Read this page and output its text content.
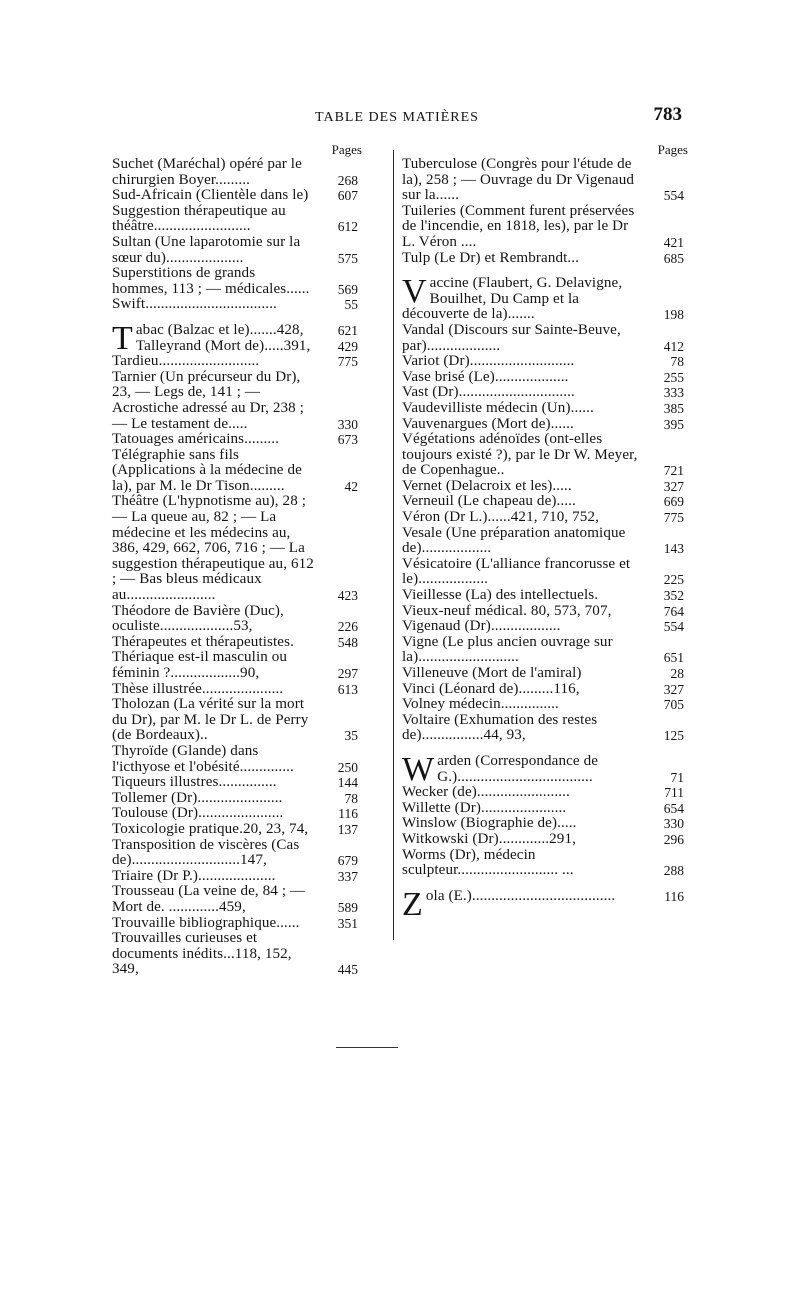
TABLE DES MATIÈRES	783
Pages
Suchet (Maréchal) opéré par le chirurgien Boyer.........	268
Sud-Africain (Clientèle dans le)	607
Suggestion thérapeutique au théâtre.........................	612
Sultan (Une laparotomie sur la sœur du)....................	575
Superstitions de grands hommes, 113 ; — médicales......	569
Swift..................................	55
Tabac (Balzac et le).......428,	621
Talleyrand (Mort de).....391,	429
Tardieu..........................	775
Tarnier (Un précurseur du Dr), 23, — Legs de, 141 ; — Acrostiche adressé au Dr, 238 ; — Le testament de.....	330
Tatouages américains.........	673
Télégraphie sans fils (Applications à la médecine de la), par M. le Dr Tison.........	42
Théâtre (L'hypnotisme au), 28 ; — La queue au, 82 ; — La médecine et les médecins au, 386, 429, 662, 706, 716 ; — La suggestion thérapeutique au, 612 ; — Bas bleus médicaux au.......................	423
Théodore de Bavière (Duc), oculiste...................53,	226
Thérapeutes et thérapeutistes.	548
Thériaque est-il masculin ou féminin ?..................90,	297
Thèse illustrée.....................	613
Tholozan (La vérité sur la mort du Dr), par M. le Dr L. de Perry (de Bordeaux)..	35
Thyroïde (Glande) dans l'icthyose et l'obésité..............	250
Tiqueurs illustres...............	144
Tollemer (Dr)......................	78
Toulouse (Dr)......................	116
Toxicologie pratique.20, 23, 74,	137
Transposition de viscères (Cas de)............................147,	679
Triaire (Dr P.)....................	337
Trousseau (La veine de, 84 ; — Mort de. .............459,	589
Trouvaille bibliographique......	351
Trouvailles curieuses et documents inédits...118, 152, 349,	445
Pages
Tuberculose (Congrès pour l'étude de la), 258 ; — Ouvrage du Dr Vigenaud sur la......	554
Tuileries (Comment furent préservées de l'incendie, en 1818, les), par le Dr L. Véron ....	421
Tulp (Le Dr) et Rembrandt...	685
Vaccine (Flaubert, G. Delavigne, Bouilhet, Du Camp et la découverte de la).......	198
Vandal (Discours sur Sainte-Beuve, par)...................	412
Variot (Dr)...........................	78
Vase brisé (Le)...................	255
Vast (Dr)..............................	333
Vaudevilliste médecin (Un)......	385
Vauvenargues (Mort de)......	395
Végétations adénoïdes (ont-elles toujours existé ?), par le Dr W. Meyer, de Copenhague..	721
Vernet (Delacroix et les).....	327
Verneuil (Le chapeau de).....	669
Véron (Dr L.)......421, 710, 752,	775
Vesale (Une préparation anatomique de)..................	143
Vésicatoire (L'alliance francorusse et le)..................	225
Vieillesse (La) des intellectuels.	352
Vieux-neuf médical. 80, 573, 707,	764
Vigenaud (Dr)..................	554
Vigne (Le plus ancien ouvrage sur la)..........................	651
Villeneuve (Mort de l'amiral)	28
Vinci (Léonard de).........116,	327
Volney médecin...............	705
Voltaire (Exhumation des restes de)................44, 93,	125
Warden (Correspondance de G.)...................................	71
Wecker (de)........................	711
Willette (Dr)......................	654
Winslow (Biographie de).....	330
Witkowski (Dr).............291,	296
Worms (Dr), médecin sculpteur.......................... ...	288
Zola (E.).....................................	116
